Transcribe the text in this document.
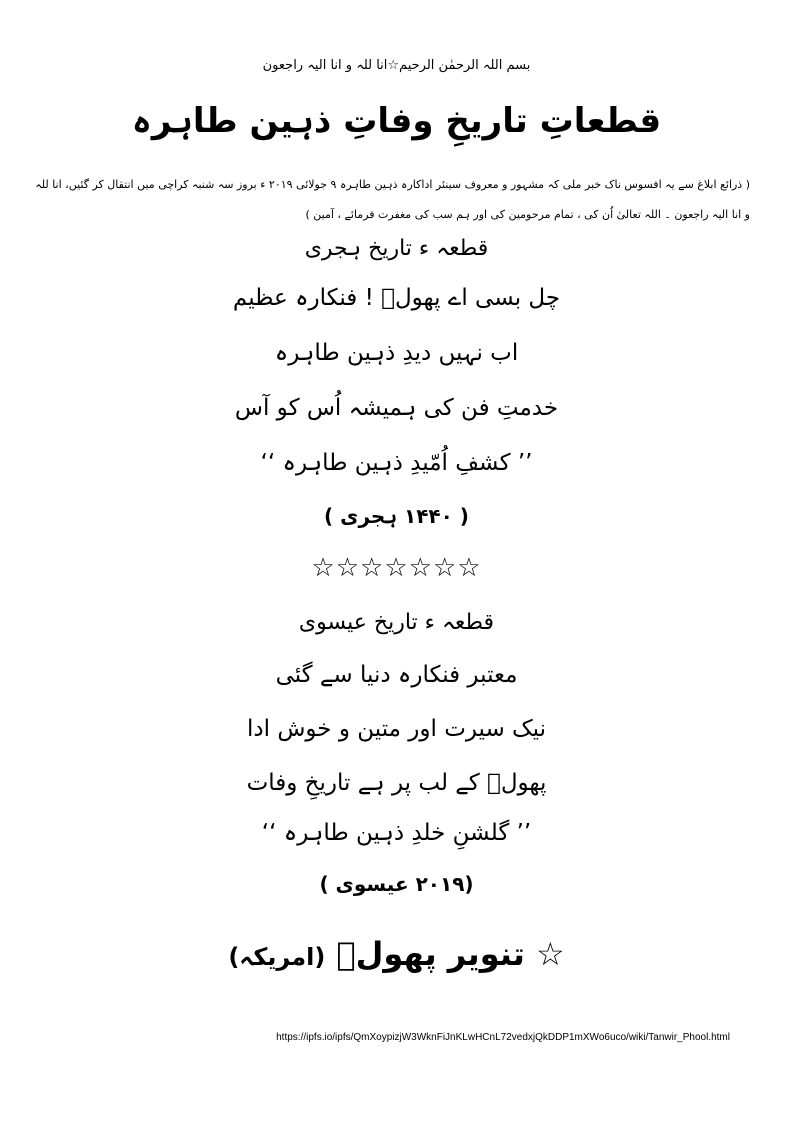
بسم اللہ الرحمٰن الرحیم☆انا للہ و انا الیہ راجعون
قطعاتِ تاریخِ وفاتِ ذہین طاہرہ
( ذرائع ابلاغ سے یہ افسوس ناک خبر ملی کہ مشہور و معروف سینئر اداکارہ ذہین طاہرہ ۹ جولائی ۲۰۱۹ ء بروز سہ شنبہ کراچی میں انتقال کر گئیں، انا للہ
و انا الیہ راجعون ۔ اللہ تعالیٰ اُن کی ، تمام مرحومین کی اور ہم سب کی مغفرت فرمائے ، آمین )
قطعہ ء تاریخ ہجری
چل بسی اے پھولؔ ! فنکارہ عظیم
اب نہیں دیدِ ذہین طاہرہ
خدمتِ فن کی ہمیشہ اُس کو آس
’’ کشفِ اُمّیدِ ذہین طاہرہ ‘‘
( ۱۴۴۰ ہجری )
☆☆☆☆☆☆☆
قطعہ ء تاریخ عیسوی
معتبر فنکارہ دنیا سے گئی
نیک سیرت اور متین و خوش ادا
پھولؔ کے لب پر ہے تاریخِ وفات
’’ گلشنِ خلدِ ذہین طاہرہ ‘‘
(۲۰۱۹ عیسوی )
☆ تنویر پھولؔ (امریکہ)
https://ipfs.io/ipfs/QmXoypizjW3WknFiJnKLwHCnL72vedxjQkDDP1mXWo6uco/wiki/Tanwir_Phool.html
